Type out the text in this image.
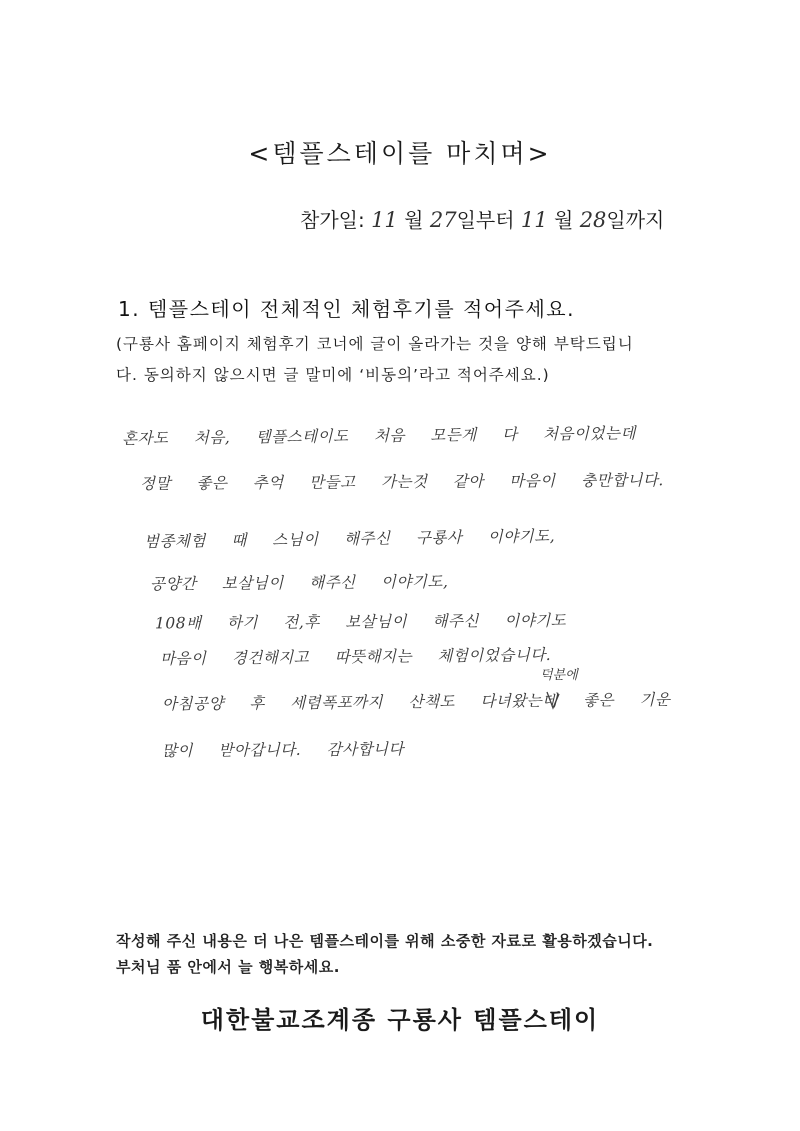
<템플스테이를 마치며>
참가일: 11 월 27일부터 11 월 28일까지
1. 템플스테이 전체적인 체험후기를 적어주세요.
(구룡사 홈페이지 체험후기 코너에 글이 올라가는 것을 양해 부탁드립니
다. 동의하지 않으시면 글 말미에 ‘비동의’라고 적어주세요.)
혼자도 처음, 템플스테이도 처음 모든게 다 처음이었는데
정말 좋은 추억 만들고 가는것 같아 마음이 충만합니다.
범종체험 때 스님이 해주신 구룡사 이야기도,
공양간 보살님이 해주신 이야기도,
108배 하기 전,후 보살님이 해주신 이야기도
마음이 경건해지고 따뜻해지는 체험이었습니다.
덕분에
아침공양 후 세렴폭포까지 산책도 다녀왔는데 좋은 기운
많이 받아갑니다. 감사합니다
작성해 주신 내용은 더 나은 템플스테이를 위해 소중한 자료로 활용하겠습니다.
부처님 품 안에서 늘 행복하세요.
대한불교조계종 구룡사 템플스테이
